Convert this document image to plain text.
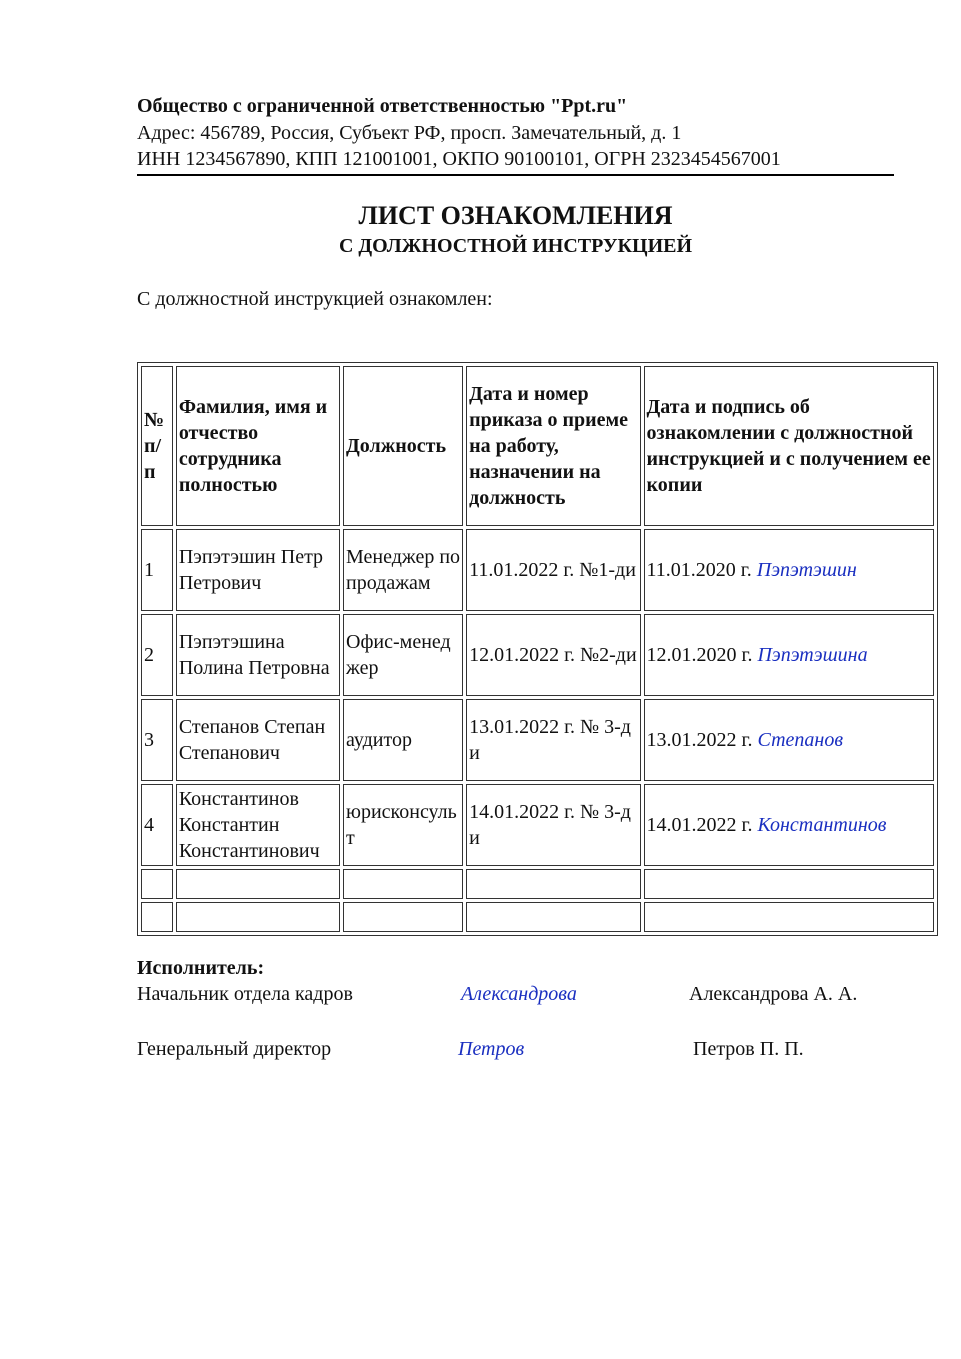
Общество с ограниченной ответственностью "Ppt.ru"
Адрес: 456789, Россия, Субъект РФ, просп. Замечательный, д. 1
ИНН 1234567890, КПП 121001001, ОКПО 90100101, ОГРН 2323454567001
ЛИСТ ОЗНАКОМЛЕНИЯ
С ДОЛЖНОСТНОЙ ИНСТРУКЦИЕЙ
С должностной инструкцией ознакомлен:
№ п/п	Фамилия, имя и отчество сотрудника полностью	Должность	Дата и номер приказа о приеме на работу, назначении на должность	Дата и подпись об ознакомлении с должностной инструкцией и с получением ее копии
1	Пэпэтэшин Петр Петрович	Менеджер по продажам	11.01.2022 г. №1-ди	11.01.2020 г. Пэпэтэшин
2	Пэпэтэшина Полина Петровна	Офис-менеджер	12.01.2022 г. №2-ди	12.01.2020 г. Пэпэтэшина
3	Степанов Степан Степанович	аудитор	13.01.2022 г. № 3-ди	13.01.2022 г. Степанов
4	Константинов Константин Константинович	юрисконсульт	14.01.2022 г. № 3-ди	14.01.2022 г. Константинов

Исполнитель:
Начальник отдела кадров	Александрова	Александрова А. А.
Генеральный директор	Петров	Петров П. П.
